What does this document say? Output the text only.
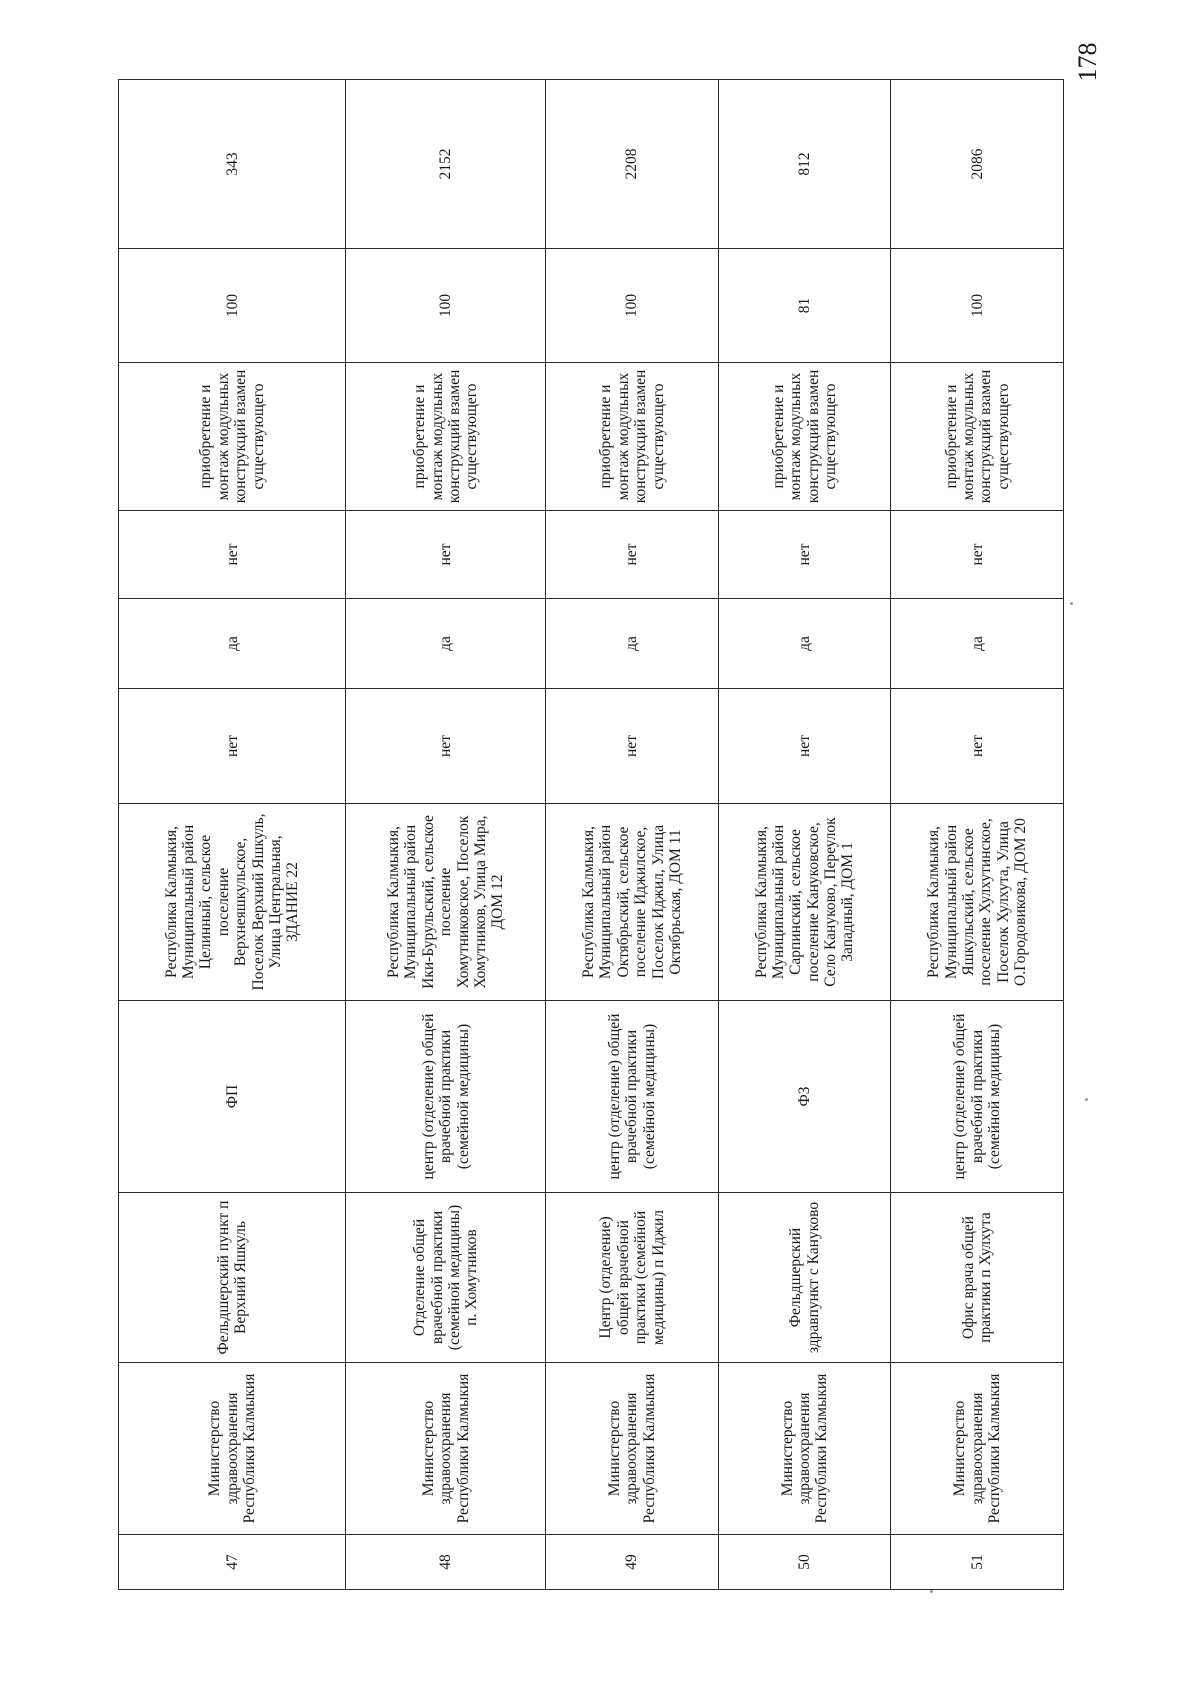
178
47	Министерство здравоохранения Республики Калмыкия	Фельдшерский пункт п Верхний Яшкуль	ФП	Республика Калмыкия, Муниципальный район Целинный, сельское поселение Верхнеяшкульское, Поселок Верхний Яшкуль, Улица Центральная, ЗДАНИЕ 22	нет	да	нет	приобретение и монтаж модульных конструкций взамен существующего	100	343
48	Министерство здравоохранения Республики Калмыкия	Отделение общей врачебной практики (семейной медицины) п. Хомутников	центр (отделение) общей врачебной практики (семейной медицины)	Республика Калмыкия, Муниципальный район Ики-Бурульский, сельское поселение Хомутниковское, Поселок Хомутников, Улица Мира, ДОМ 12	нет	да	нет	приобретение и монтаж модульных конструкций взамен существующего	100	2152
49	Министерство здравоохранения Республики Калмыкия	Центр (отделение) общей врачебной практики (семейной медицины) п Иджил	центр (отделение) общей врачебной практики (семейной медицины)	Республика Калмыкия, Муниципальный район Октябрьский, сельское поселение Иджилское, Поселок Иджил, Улица Октябрьская, ДОМ 11	нет	да	нет	приобретение и монтаж модульных конструкций взамен существующего	100	2208
50	Министерство здравоохранения Республики Калмыкия	Фельдшерский здравпункт с Кануково	ФЗ	Республика Калмыкия, Муниципальный район Сарпинский, сельское поселение Кануковское, Село Кануково, Переулок Западный, ДОМ 1	нет	да	нет	приобретение и монтаж модульных конструкций взамен существующего	81	812
51	Министерство здравоохранения Республики Калмыкия	Офис врача общей практики п Хулхута	центр (отделение) общей врачебной практики (семейной медицины)	Республика Калмыкия, Муниципальный район Яшкульский, сельское поселение Хулхутинское, Поселок Хулхута, Улица О.Городовикова, ДОМ 20	нет	да	нет	приобретение и монтаж модульных конструкций взамен существующего	100	2086
